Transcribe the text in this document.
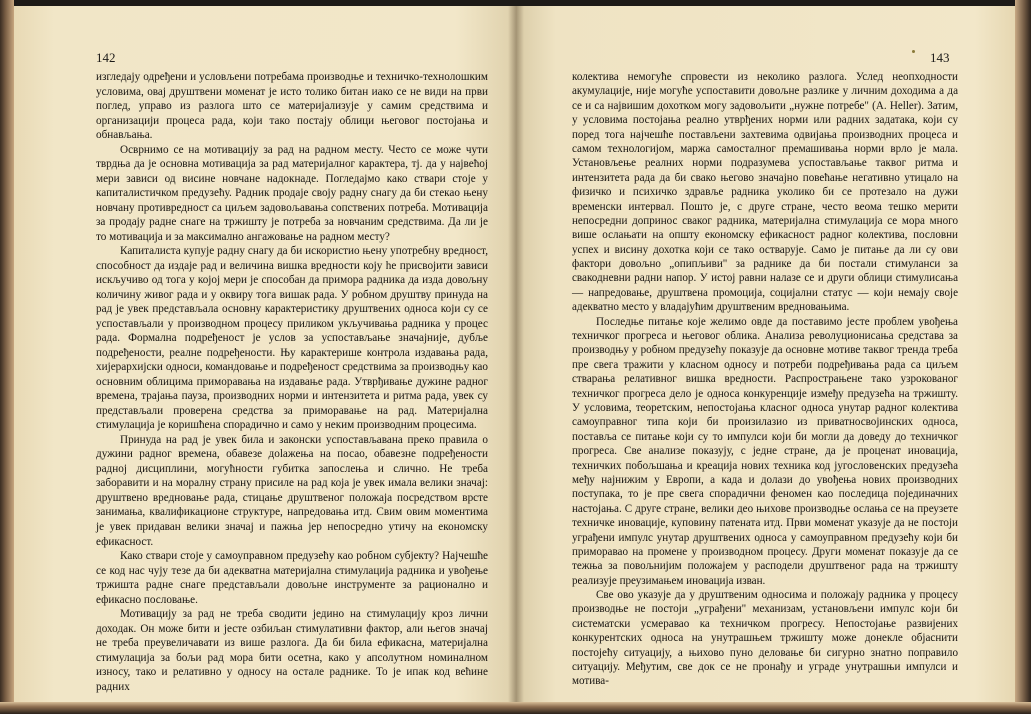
142

изгледају одређени и условљени потребама производње и техничко-технолошким условима, овај друштвени моменат је исто толико битан иако се не види на први поглед, управо из разлога што се материјализује у самим средствима и организацији процеса рада, који тако постају облици његовог постојања и обнављања.

Осврнимо се на мотивацију за рад на радном месту. Често се може чути тврдња да је основна мотивација за рад материјалног карактера, тј. да у највећој мери зависи од висине новчане надокнаде. Погледајмо како ствари стоје у капиталистичком предузећу. Радник продаје своју радну снагу да би стекао њену новчану противредност са циљем задовољавања сопствених потреба. Мотивација за продају радне снаге на тржишту је потреба за новчаним средствима. Да ли је то мотивација и за максимално ангажовање на радном месту?

Капиталиста купује радну снагу да би искористио њену употребну вредност, способност да издаје рад и величина вишка вредности коју he присвојити зависи искључиво од тога у којој мери је способан да примора радника да изда довољну количину живог рада и у оквиру тога вишак рада. У робном друштву принуда на рад је увек представљала основну карактеристику друштвених односа који су се успостављали у производном процесу приликом укључивања радника у процес рада. Формална подређеност је услов за успостављање значајније, дубље подређености, реалне подређености. Њу карактерише контрола издавања рада, хијерархијски односи, командовање и подређеност средствима за производњу као основним облицима приморавања на издавање рада. Утврђивање дужине радног времена, трајања пауза, производних норми и интензитета и ритма рада, увек су представљали проверена средства за приморавање на рад. Материјална стимулација је коришћена спорадично и само у неким производним процесима.

Принуда на рад је увек била и законски успостављавана преко правила о дужини радног времена, обавезе дolaжења на посао, обавезне подређености радној дисциплини, могућности губитка запослења и слично. Не треба заборавити и на моралну страну присиле на рад која је увек имала велики значај: друштвено вредновање рада, стицање друштвеног положаја посредством врсте занимања, квалификационе структуре, напредовања итд. Свим овим моментима је увек придаван велики значај и пажња јер непосредно утичу на економску ефикасност.

Како ствари стоје у самоуправном предузећу као робном субјекту? Најчешће се код нас чују тезе да би адекватна материјална стимулација радника и увођење тржишта радне снаге представљали довољне инструменте за рационално и ефикасно пословање.

Мотивацију за рад не треба сводити једино на стимулацију кроз лични доходак. Он може бити и јесте озбиљан стимулативни фактор, али његов значај не треба преувеличавати из више разлога. Да би била ефикасна, материјална стимулација за бољи рад мора бити осетна, како у апсолутном номиналном износу, тако и релативно у односу на остале раднике. То је ипак код већине радних

143

колектива немогуће спровести из неколико разлога. Услед неопходности акумулације, није могуће успоставити довољне разлике у личним доходима а да се и са највишим дохотком могу задовољити „нужне потребе" (A. Heller). Затим, у условима постојања реално утврђених норми или радних задатака, који су поред тога најчешће постављени захтевима одвијања производних процеса и самом технологијом, маржа самосталног премашивања норми врло је мала. Установљење реалних норми подразумева успостављање таквог ритма и интензитета рада да би свако његово значајно повећање негативно утицало на физичко и психичко здравље радника уколико би се протезало на дужи временски интервал. Пошто је, с друге стране, често веома тешко мерити непосредни допринос сваког радника, материјална стимулација се мора много више ослањати на општу економску ефикасност радног колектива, пословни успех и висину дохотка који се тако остварује. Само је питање да ли су ови фактори довољно „опипљиви" за раднике да би постали стимуланси за свакодневни радни напор. У истој равни налазе се и други облици стимулисања — напредовање, друштвена промоција, социјални статус — који немају своје адекватно место у владајућим друштвеним вредновањима.

Последње питање које желимо овде да поставимо јесте проблем увођења техничког прогреса и његовог облика. Анализа револуционисања средстава за производњу у робном предузећу показује да основне мотиве таквог тренда треба пре свега тражити у класном односу и потреби подређивања рада са циљем стварања релативног вишка вредности. Распрострањене тако узрокованог техничког прогреса дело је односа конкуренције између предузећа на тржишту. У условима, теоретским, непостојања класног односа унутар радног колектива самоуправног типа који би произилазио из приватносвојинских односа, поставља се питање који су то импулси који би могли да доведу до техничког прогреса. Све анализе показују, с једне стране, да је проценат иновација, техничких побољшања и креација нових техника код југословенских предузећа међу најнижим у Европи, а када и долази до увођења нових производних поступака, то је пре свега спорадични феномен као последица појединачних настојања. С друге стране, велики део њихове производње ослања се на преузете техничке иновације, куповину патената итд. Први моменат указује да не постоји уграђени импулс унутар друштвених односа у самоуправном предузећу који би приморавао на промене у производном процесу. Други моменат показује да се тежња за повољнијим положајем у расподели друштвеног рада на тржишту реализује преузимањем иновација изван.

Све ово указује да у друштвеним односима и положају радника у процесу производње не постоји „уграђени" механизам, установљени импулс који би систематски усмеравао ка техничком прогресу. Непостојање развијених конкурентских односа на унутрашњем тржишту може донекле објаснити постојећу ситуацију, а њихово пуно деловање би сигурно знатно поправило ситуацију. Међутим, све док се не пронађу и уграде унутрашњи импулси и мотива-
